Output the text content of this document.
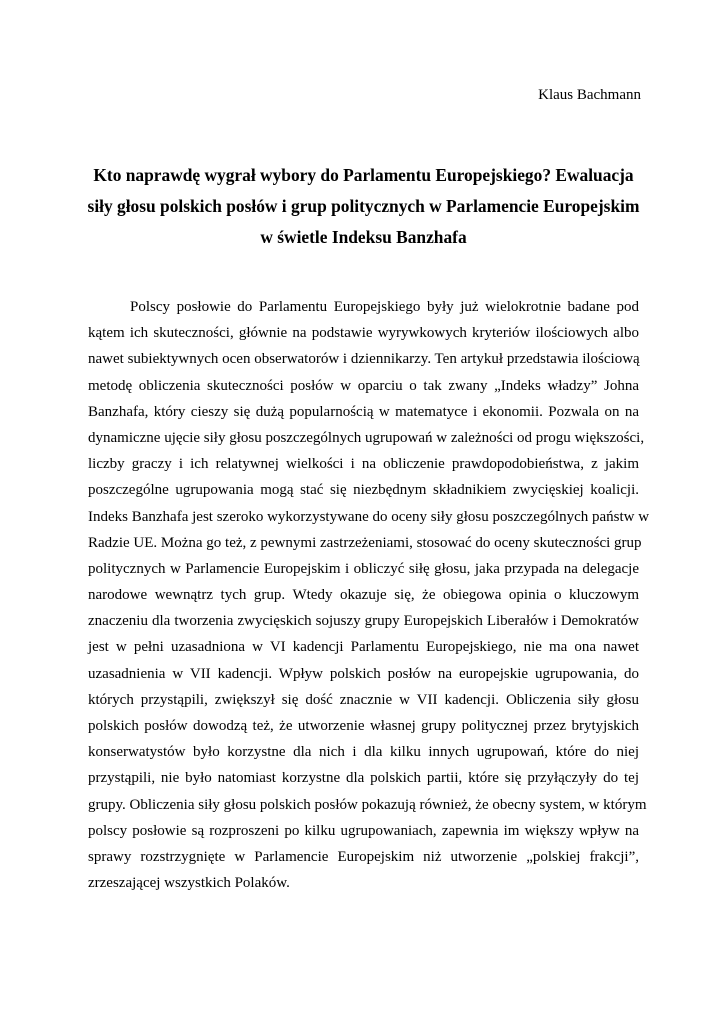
Klaus Bachmann
Kto naprawdę wygrał wybory do Parlamentu Europejskiego? Ewaluacja
siły głosu polskich posłów i grup politycznych w Parlamencie Europejskim
w świetle Indeksu Banzhafa
Polscy posłowie do Parlamentu Europejskiego były już wielokrotnie badane pod
kątem ich skuteczności, głównie na podstawie wyrywkowych kryteriów ilościowych albo
nawet subiektywnych ocen obserwatorów i dziennikarzy. Ten artykuł przedstawia ilościową
metodę obliczenia skuteczności posłów w oparciu o tak zwany „Indeks władzy” Johna
Banzhafa, który cieszy się dużą popularnością w matematyce i ekonomii. Pozwala on na
dynamiczne ujęcie siły głosu poszczególnych ugrupowań w zależności od progu większości,
liczby graczy i ich relatywnej wielkości i na obliczenie prawdopodobieństwa, z jakim
poszczególne ugrupowania mogą stać się niezbędnym składnikiem zwycięskiej koalicji.
Indeks Banzhafa jest szeroko wykorzystywane do oceny siły głosu poszczególnych państw w
Radzie UE. Można go też, z pewnymi zastrzeżeniami, stosować do oceny skuteczności grup
politycznych w Parlamencie Europejskim i obliczyć siłę głosu, jaka przypada na delegacje
narodowe wewnątrz tych grup. Wtedy okazuje się, że obiegowa opinia o kluczowym
znaczeniu dla tworzenia zwycięskich sojuszy grupy Europejskich Liberałów i Demokratów
jest w pełni uzasadniona w VI kadencji Parlamentu Europejskiego, nie ma ona nawet
uzasadnienia w VII kadencji. Wpływ polskich posłów na europejskie ugrupowania, do
których przystąpili, zwiększył się dość znacznie w VII kadencji. Obliczenia siły głosu
polskich posłów dowodzą też, że utworzenie własnej grupy politycznej przez brytyjskich
konserwatystów było korzystne dla nich i dla kilku innych ugrupowań, które do niej
przystąpili, nie było natomiast korzystne dla polskich partii, które się przyłączyły do tej
grupy. Obliczenia siły głosu polskich posłów pokazują również, że obecny system, w którym
polscy posłowie są rozproszeni po kilku ugrupowaniach, zapewnia im większy wpływ na
sprawy rozstrzygnięte w Parlamencie Europejskim niż utworzenie „polskiej frakcji”,
zrzeszającej wszystkich Polaków.
